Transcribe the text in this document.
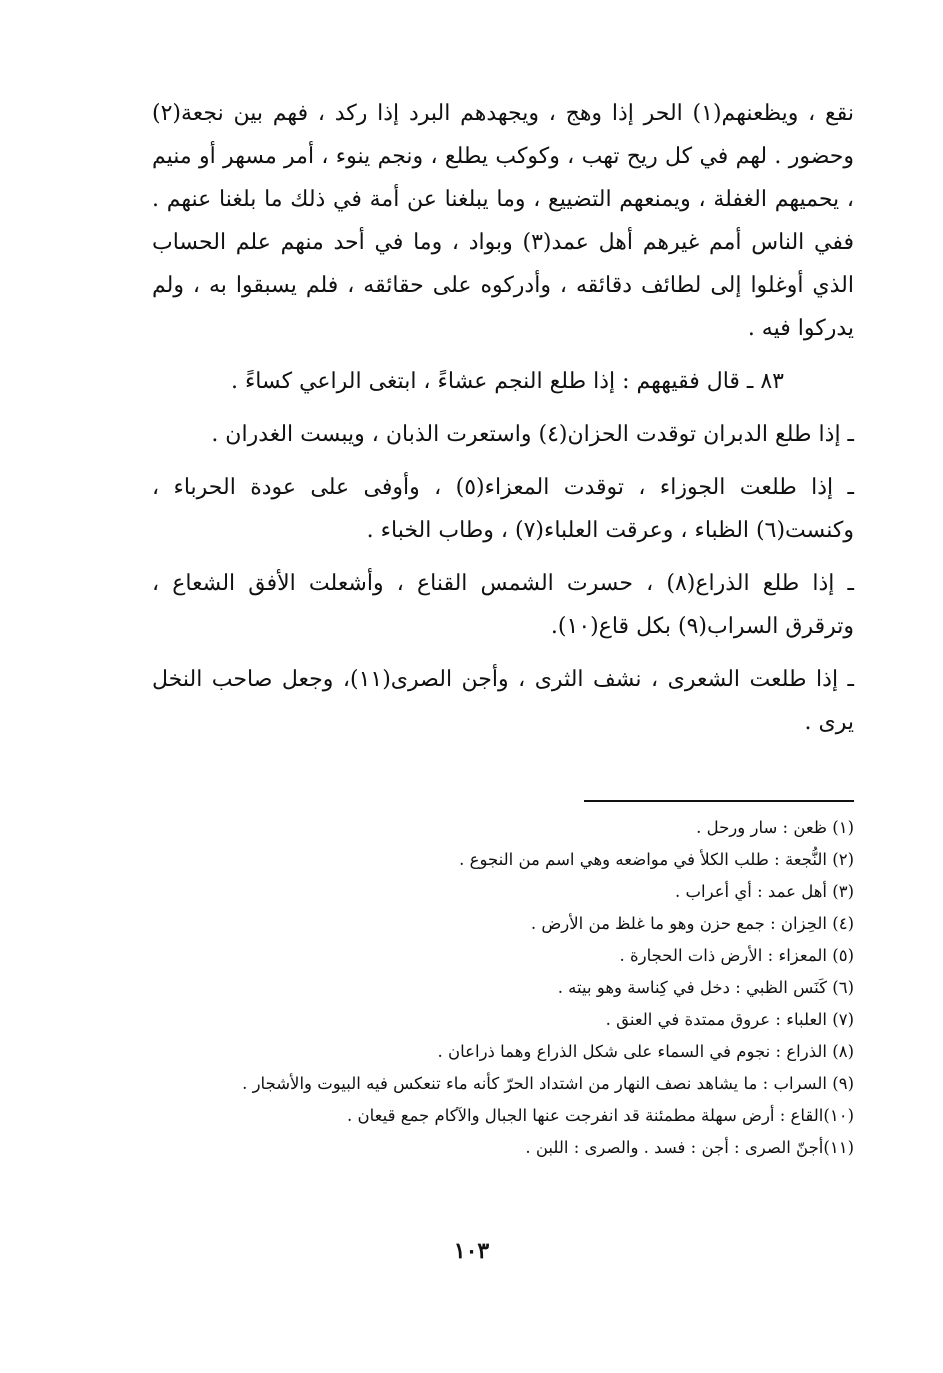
نقع ، ويظعنهم(١) الحر إذا وهج ، ويجهدهم البرد إذا ركد ، فهم بين نجعة(٢) وحضور . لهم في كل ريح تهب ، وكوكب يطلع ، ونجم ينوء ، أمر مسهر أو منيم ، يحميهم الغفلة ، ويمنعهم التضييع ، وما يبلغنا عن أمة في ذلك ما بلغنا عنهم . ففي الناس أمم غيرهم أهل عمد(٣) وبواد ، وما في أحد منهم علم الحساب الذي أوغلوا إلى لطائف دقائقه ، وأدركوه على حقائقه ، فلم يسبقوا به ، ولم يدركوا فيه .

٨٣ ـ قال فقيههم : إذا طلع النجم عشاءً ، ابتغى الراعي كساءً .

ـ إذا طلع الدبران توقدت الحزان(٤) واستعرت الذبان ، ويبست الغدران .

ـ إذا طلعت الجوزاء ، توقدت المعزاء(٥) ، وأوفى على عودة الحرباء ، وكنست(٦) الظباء ، وعرقت العلباء(٧) ، وطاب الخباء .

ـ إذا طلع الذراع(٨) ، حسرت الشمس القناع ، وأشعلت الأفق الشعاع ، وترقرق السراب(٩) بكل قاع(١٠).

ـ إذا طلعت الشعرى ، نشف الثرى ، وأجن الصرى(١١)، وجعل صاحب النخل يرى .

(١) ظعن : سار ورحل .

(٢) النُّجعة : طلب الكلأ في مواضعه وهي اسم من النجوع .

(٣) أهل عمد : أي أعراب .

(٤) الحِزان : جمع حزن وهو ما غلظ من الأرض .

(٥) المعزاء : الأرض ذات الحجارة .

(٦) كَنَس الظبي : دخل في كِناسة وهو بيته .

(٧) العلباء : عروق ممتدة في العنق .

(٨) الذراع : نجوم في السماء على شكل الذراع وهما ذراعان .

(٩) السراب : ما يشاهد نصف النهار من اشتداد الحرّ كأنه ماء تنعكس فيه البيوت والأشجار .

(١٠)القاع : أرض سهلة مطمئنة قد انفرجت عنها الجبال والآكام جمع قيعان .

(١١)أجنّ الصرى : أجن : فسد . والصرى : اللبن .

١٠٣
